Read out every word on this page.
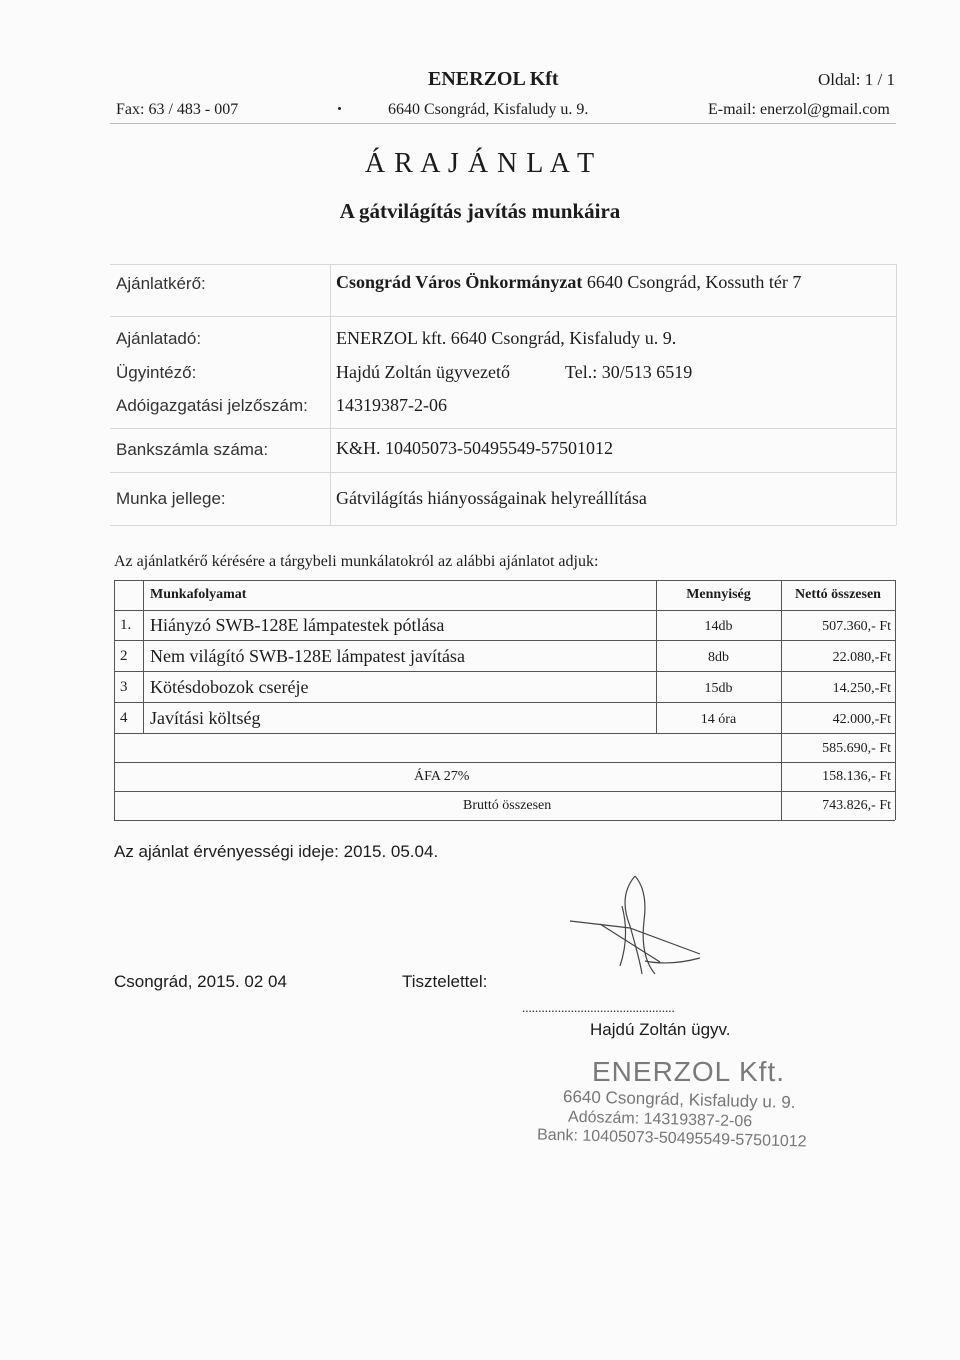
ENERZOL Kft	Oldal: 1 / 1
Fax: 63 / 483 - 007	6640 Csongrád, Kisfaludy u. 9.	E-mail: enerzol@gmail.com
Á R A J Á N L A T
A gátvilágítás javítás munkáira
Ajánlatkérő:	Csongrád Város Önkormányzat 6640 Csongrád, Kossuth tér 7
Ajánlatadó:	ENERZOL kft. 6640 Csongrád, Kisfaludy u. 9.
Ügyintéző:	Hajdú Zoltán ügyvezető	Tel.: 30/513 6519
Adóigazgatási jelzőszám: 14319387-2-06
Bankszámla száma:	K&H. 10405073-50495549-57501012
Munka jellege:	Gátvilágítás hiányosságainak helyreállítása
Az ajánlatkérő kérésére a tárgybeli munkálatokról az alábbi ajánlatot adjuk:
Munkafolyamat	Mennyiség	Nettó összesen
1. Hiányzó SWB-128E lámpatestek pótlása	14db	507.360,- Ft
2 Nem világító SWB-128E lámpatest javítása	8db	22.080,-Ft
3 Kötésdobozok cseréje	15db	14.250,-Ft
4 Javítási költség	14 óra	42.000,-Ft
585.690,- Ft
ÁFA 27%	158.136,- Ft
Bruttó összesen	743.826,- Ft
Az ajánlat érvényességi ideje: 2015. 05.04.
Csongrád, 2015. 02 04	Tisztelettel:
...............................................
Hajdú Zoltán ügyv.
ENERZOL Kft.
6640 Csongrád, Kisfaludy u. 9.
Adószám: 14319387-2-06
Bank: 10405073-50495549-57501012
